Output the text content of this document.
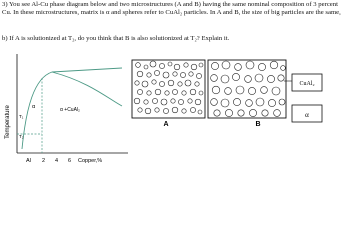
3) You see Al-Cu phase diagram below and two microstructures (A and B) having the same nominal composition of 3 percent Cu. In these microstructures, matrix is α and spheres refer to CuAl₂ particles. In A and B, the size of big particles are the same,

b) If A is solutionized at T₂, do you think that B is also solutionized at T₂? Explain it.

Temperature	α	α +CuAl₂
T₁
T₂
Al 2 4 6 Copper,%
A	B
CuAl₂
α
